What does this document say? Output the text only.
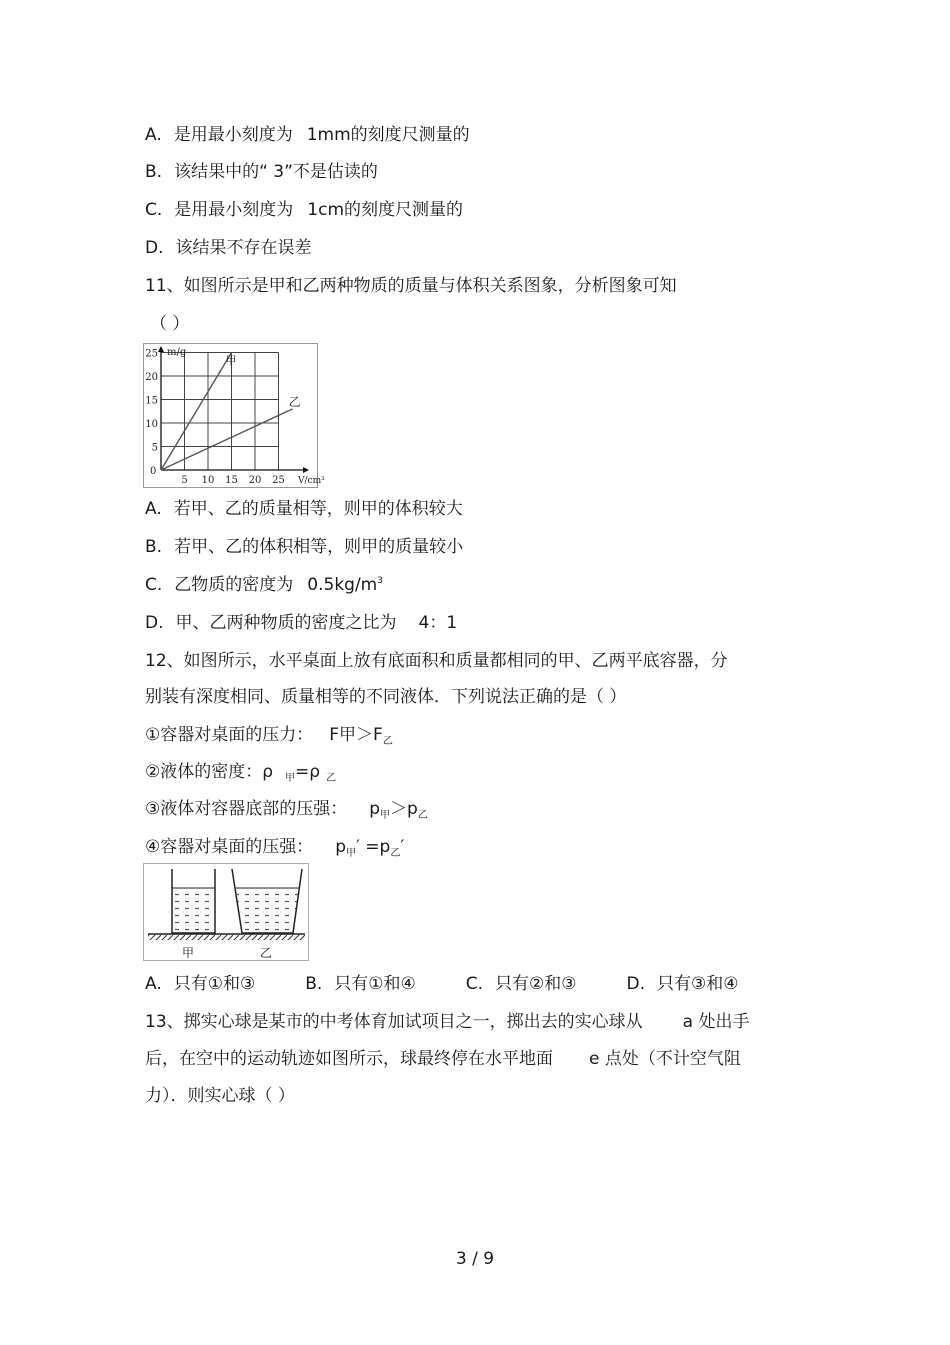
A. 是用最小刻度为 1mm的刻度尺测量的
B. 该结果中的“ 3”不是估读的
C. 是用最小刻度为 1cm的刻度尺测量的
D. 该结果不存在误差
11、如图所示是甲和乙两种物质的质量与体积关系图象，分析图象可知
（ ）
0
5 10 15 20 25
5
10
15
20
25 m/g
V/cm³
甲
乙
A. 若甲、乙的质量相等，则甲的体积较大
B. 若甲、乙的体积相等，则甲的质量较小
C. 乙物质的密度为 $0.5kg/m^3$
D. 甲、乙两种物质的密度之比为 4：1
12、如图所示，水平桌面上放有底面积和质量都相同的甲、乙两平底容器，分
别装有深度相同、质量相等的不同液体．下列说法正确的是（ ）
①容器对桌面的压力： F甲$>F_乙$
②液体的密度：ρ $_甲$=ρ $_乙$
③液体对容器底部的压强： $p_甲>p_乙$
④容器对桌面的压强： $p_甲' =p_乙'$
甲	乙
A. 只有①和③	B. 只有①和④	C. 只有②和③	D. 只有③和④
13、掷实心球是某市的中考体育加试项目之一，掷出去的实心球从 a 处出手
后，在空中的运动轨迹如图所示，球最终停在水平地面 e 点处（不计空气阻
力）．则实心球（ ）
3 / 9
